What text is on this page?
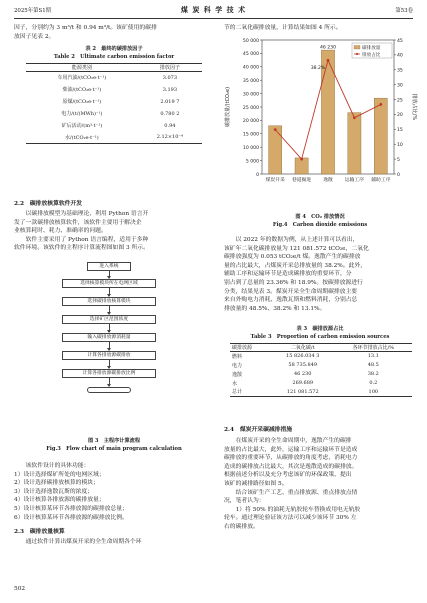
2025年第S1期	煤 炭 科 学 技 术	第53卷
因子，分别约为 3 m³/t 和 0.94 m³/t。该矿使用的碳排
放因子见表 2。
表 2　最终的碳排放因子
Table 2　Ultimate carbon emission factor
能源类别	排放因子
车用汽油/(tCO₂e·t⁻¹)	3.073
柴油/(tCO₂e·t⁻¹)	3.193
原煤/(tCO₂e·t⁻¹)	2.019 7
电力/(t/(MWh)⁻¹)	0.780 2
矿后活动/(m³·t⁻¹)	0.94
水/(tCO₂e·t⁻¹)	2.12×10⁻⁴
2.2　碳排放核算软件开发
　　以碳排放模型为基础理论，利用 Python 语言开
发了一款碳排放核算软件，该软件主要用于解决企
业核算耗时、耗力、准确率的问题。
　　软件主要采用了 Python 语言编程，适用于多种
软件环境。该软件的主程序计算流程图如图 3 所示。
进入系统
选择核算模块所在电网区域
选择碳排放核算模块
选择矿区范围浓度
输入碳排放源消耗量
计算各排放源碳排放
计算各排放源碳排放比例
图 3　主程序计算流程
Fig.3　Flow chart of main program calculation
　　该软件设计的具体功能：
1）设计选择煤矿所处的电网区域；
2）设计选择碳排放核算的模块；
3）设计选择逸散瓦斯的浓度；
4）设计核算各排放源的碳排放量；
5）设计核算某环节各排放源的碳排放总量；
6）设计核算某环节各排放源的碳排放比例。
2.3　碳排放量核算
　　通过软件计算出煤炭开采的全生命周期各个环
502
节的二氧化碳排放量，计算结果如图 4 所示。
0
5 000
10 000
15 000
20 000
25 000
30 000
35 000
40 000
45 000
50 000
0
5
10
15
20
25
30
35
40
45
碳排放量/(tCO₂e)	排放占比/%
煤炭开采 巷道掘进 逸散 运输工序 辅助工序
46 230
38.2%
碳排放量
排放占比
图 4　CO₂ 排放情况
Fig.4　Carbon dioxide emissions
　　以 2022 年的数据为例，从上述计算可以看出，
该矿年二氧化碳排放量为 121 081.572 tCO₂e，二氧化
碳排放强度为 0.053 tCO₂e/t 煤。逸散产生的碳排放
量的占比最大，占煤炭开采总排放量的 38.2%。此外，
辅助工序和运输环节是造成碳排放的重要环节，分
别占到了总量的 23.36% 和 18.9%。按碳排放源进行
分类，结果见表 3。煤炭开采全生命周期碳排放主要
来自外购电力消耗、逸散瓦斯和燃料消耗，分别占总
排放量的 48.5%、38.2% 和 13.1%。
表 3　碳排放源占比
Table 3　Proportion of carbon emission sources
碳排放源	二氧化碳/t	各环节排放占比/%
燃料	15 826.034 3	13.1
电力	58 735.849	48.5
逸散	46 230	38.2
水	269.689	0.2
总计	121 081.572	100
2.4　煤炭开采碳减排措施
　　在煤炭开采的全生命周期中，逸散产生的碳排
放量的占比最大，此外，运输工序和运输环节是造成
碳排放的重要环节，从碳排放的角度考虑，消耗电力
造成的碳排放占比最大，其次是逸散造成的碳排放。
根据前述分析以及充分考虑该矿的环保政策，提出
该矿的减排路径如图 5。
　　结合该矿生产工艺、重点排放源、重点排放点情
况，笔者认为：
　　1）将 50% 的油耗无轨胶轮车替换成用电无轨胶
轮车。通过理论验证该方法可以减少该环节 30% 左
右的碳排放。
